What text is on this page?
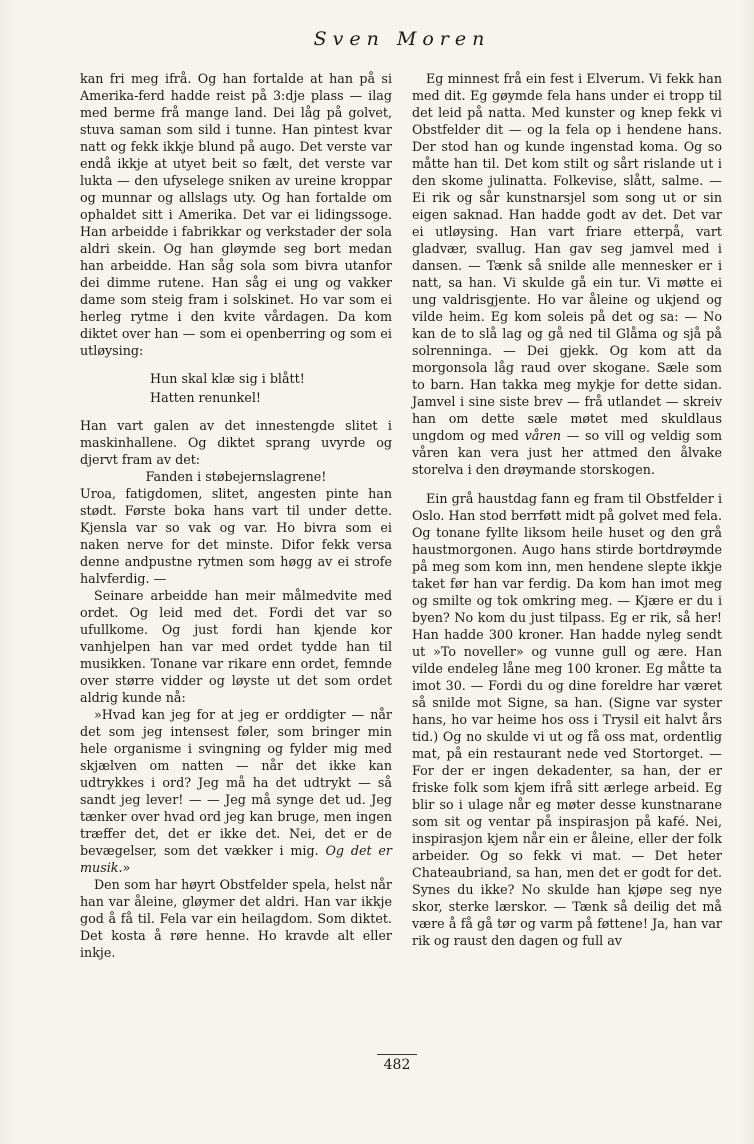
Sven Moren

kan fri meg ifrå. Og han fortalde at han på si Amerika-ferd hadde reist på 3:dje plass — ilag med berme frå mange land. Dei låg på golvet, stuva saman som sild i tunne. Han pintest kvar natt og fekk ikkje blund på augo. Det verste var endå ikkje at utyet beit so fælt, det verste var lukta — den ufyselege sniken av ureine kroppar og munnar og allslags uty. Og han fortalde om ophaldet sitt i Amerika. Det var ei lidingssoge. Han arbeidde i fabrikkar og verkstader der sola aldri skein. Og han gløymde seg bort medan han arbeidde. Han såg sola som bivra utanfor dei dimme rutene. Han såg ei ung og vakker dame som steig fram i solskinet. Ho var som ei herleg rytme i den kvite vårdagen. Da kom diktet over han — som ei openberring og som ei utløysing:

Hun skal klæ sig i blått!
Hatten renunkel!

Han vart galen av det innestengde slitet i maskinhallene. Og diktet sprang uvyrde og djervt fram av det:

Fanden i støbejernslagrene!

Uroa, fatigdomen, slitet, angesten pinte han stødt. Første boka hans vart til under dette. Kjensla var so vak og var. Ho bivra som ei naken nerve for det minste. Difor fekk versa denne andpustne rytmen som høgg av ei strofe halvferdig. —

Seinare arbeidde han meir målmedvite med ordet. Og leid med det. Fordi det var so ufullkome. Og just fordi han kjende kor vanhjelpen han var med ordet tydde han til musikken. Tonane var rikare enn ordet, femnde over større vidder og løyste ut det som ordet aldrig kunde nå:

»Hvad kan jeg for at jeg er orddigter — når det som jeg intensest føler, som bringer min hele organisme i svingning og fylder mig med skjælven om natten — når det ikke kan udtrykkes i ord? Jeg må ha det udtrykt — så sandt jeg lever! — — Jeg må synge det ud. Jeg tænker over hvad ord jeg kan bruge, men ingen træffer det, det er ikke det. Nei, det er de bevægelser, som det vækker i mig. Og det er musik.»

Den som har høyrt Obstfelder spela, helst når han var åleine, gløymer det aldri. Han var ikkje god å få til. Fela var ein heilagdom. Som diktet. Det kosta å røre henne. Ho kravde alt eller inkje.

Eg minnest frå ein fest i Elverum. Vi fekk han med dit. Eg gøymde fela hans under ei tropp til det leid på natta. Med kunster og knep fekk vi Obstfelder dit — og la fela op i hendene hans. Der stod han og kunde ingenstad koma. Og so måtte han til. Det kom stilt og sårt rislande ut i den skome julinatta. Folkevise, slått, salme. — Ei rik og sår kunstnarsjel som song ut or sin eigen saknad. Han hadde godt av det. Det var ei utløysing. Han vart friare etterpå, vart gladvær, svallug. Han gav seg jamvel med i dansen. — Tænk så snilde alle mennesker er i natt, sa han. Vi skulde gå ein tur. Vi møtte ei ung valdrisgjente. Ho var åleine og ukjend og vilde heim. Eg kom soleis på det og sa: — No kan de to slå lag og gå ned til Glåma og sjå på solrenninga. — Dei gjekk. Og kom att da morgonsola låg raud over skogane. Sæle som to barn. Han takka meg mykje for dette sidan. Jamvel i sine siste brev — frå utlandet — skreiv han om dette sæle møtet med skuldlaus ungdom og med våren — so vill og veldig som våren kan vera just her attmed den ålvake storelva i den drøymande storskogen.

Ein grå haustdag fann eg fram til Obstfelder i Oslo. Han stod berrføtt midt på golvet med fela. Og tonane fyllte liksom heile huset og den grå haustmorgonen. Augo hans stirde bortdrøymde på meg som kom inn, men hendene slepte ikkje taket før han var ferdig. Da kom han imot meg og smilte og tok omkring meg. — Kjære er du i byen? No kom du just tilpass. Eg er rik, så her! Han hadde 300 kroner. Han hadde nyleg sendt ut »To noveller» og vunne gull og ære. Han vilde endeleg låne meg 100 kroner. Eg måtte ta imot 30. — Fordi du og dine foreldre har været så snilde mot Signe, sa han. (Signe var syster hans, ho var heime hos oss i Trysil eit halvt års tid.) Og no skulde vi ut og få oss mat, ordentlig mat, på ein restaurant nede ved Stortorget. — For der er ingen dekadenter, sa han, der er friske folk som kjem ifrå sitt ærlege arbeid. Eg blir so i ulage når eg møter desse kunstnarane som sit og ventar på inspirasjon på kafé. Nei, inspirasjon kjem når ein er åleine, eller der folk arbeider. Og so fekk vi mat. — Det heter Chateaubriand, sa han, men det er godt for det. Synes du ikke? No skulde han kjøpe seg nye skor, sterke lærskor. — Tænk så deilig det må være å få gå tør og varm på føttene! Ja, han var rik og raust den dagen og full av

482
